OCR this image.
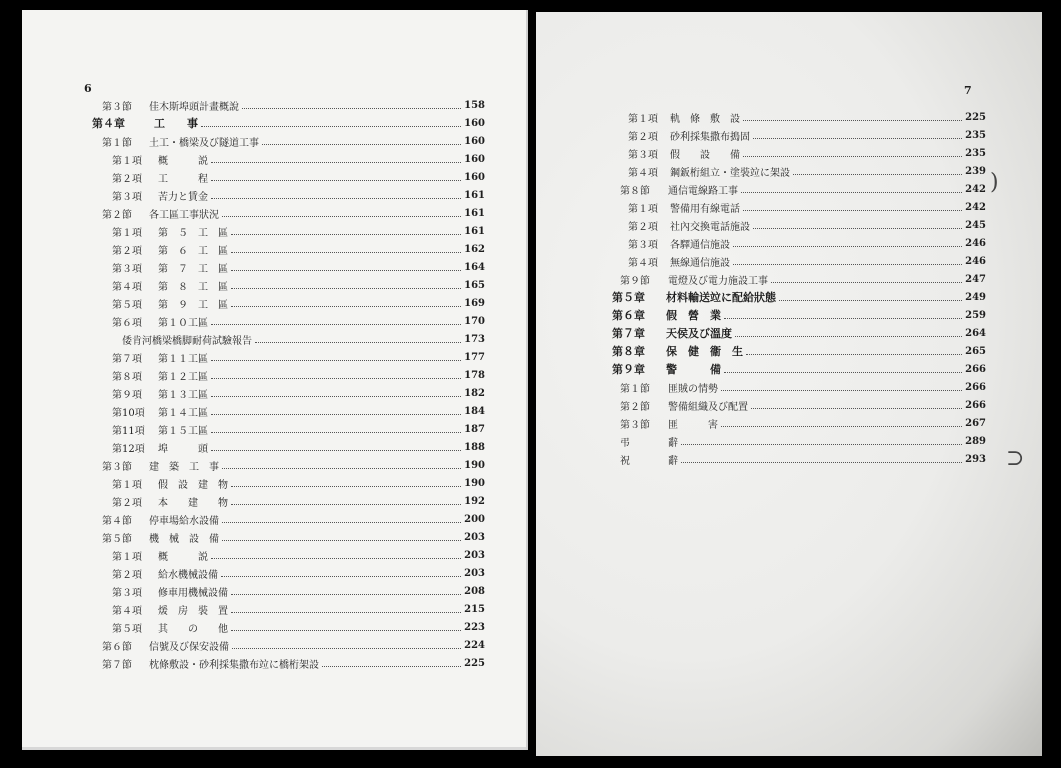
6
第３節 佳木斯埠頭計畫概說	158
第４章	工　　事	160
第１節 土工・橋梁及び隧道工事	160
第１項 概　　　説	160
第２項 工　　　程	160
第３項 苦力と賃金	161
第２節 各工區工事狀況	161
第１項 第　５　工　區	161
第２項 第　６　工　區	162
第３項 第　７　工　區	164
第４項 第　８　工　區	165
第５項 第　９　工　區	169
第６項 第１０工區	170
倭肯河橋梁橋脚耐荷試驗報告	173
第７項 第１１工區	177
第８項 第１２工區	178
第９項 第１３工區	182
第10項 第１４工區	184
第11項 第１５工區	187
第12項 埠　　　頭	188
第３節 建　築　工　事	190
第１項 假　設　建　物	190
第２項 本　　建　　物	192
第４節 停車場給水設備	200
第５節 機　械　設　備	203
第１項 概　　　説	203
第２項 給水機械設備	203
第３項 修車用機械設備	208
第４項 煖　房　裝　置	215
第５項 其　　の　　他	223
第６節 信號及び保安設備	224
第７節 枕條敷設・砂利採集撒布竝に橋桁架設	225
7
第１項 軌　條　敷　設	225
第２項 砂利採集撒布搗固	235
第３項 假　　設　　備	235
第４項 鋼鈑桁組立・塗裝竝に架設	239
第８節 通信電線路工事	242
第１項 警備用有線電話	242
第２項 社內交換電話施設	245
第３項 各驛通信施設	246
第４項 無線通信施設	246
第９節 電燈及び電力施設工事	247
第５章 材料輸送竝に配給狀態	249
第６章 假　營　業	259
第７章 天侯及び溫度	264
第８章 保　健　衞　生	265
第９章 警　　　備	266
第１節 匪賊の情勢	266
第２節 警備組織及び配置	266
第３節 匪　　　害	267
弔	辭	289
祝	辭	293
)
⊃
